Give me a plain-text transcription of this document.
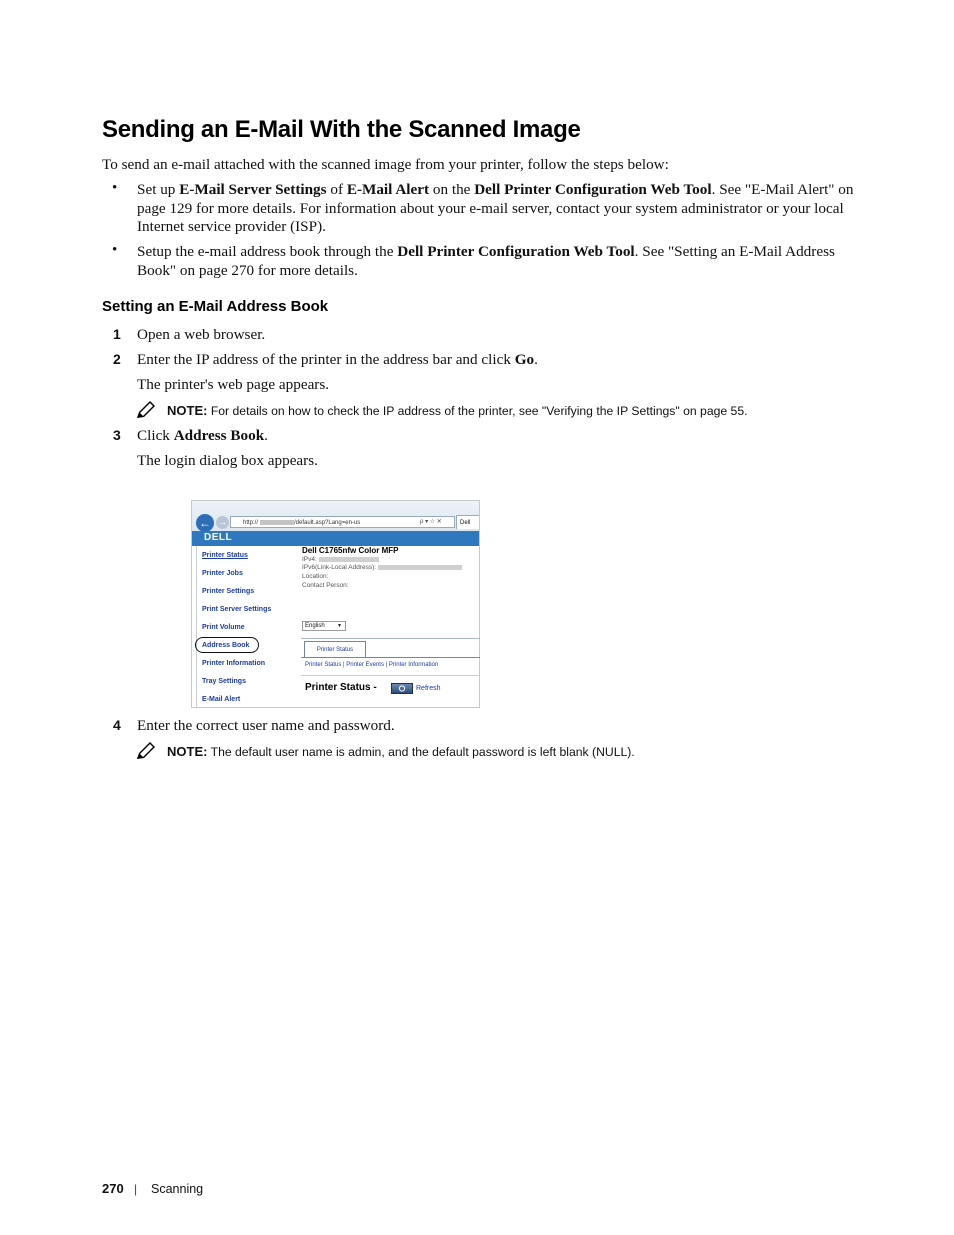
Sending an E-Mail With the Scanned Image

To send an e-mail attached with the scanned image from your printer, follow the steps below:

• Set up E-Mail Server Settings of E-Mail Alert on the Dell Printer Configuration Web Tool. See "E-Mail Alert" on

page 129 for more details. For information about your e-mail server, contact your system administrator or your local

Internet service provider (ISP).

• Setup the e-mail address book through the Dell Printer Configuration Web Tool. See "Setting an E-Mail Address

Book" on page 270 for more details.

Setting an E-Mail Address Book
1 Open a web browser.

2 Enter the IP address of the printer in the address bar and click Go.

The printer's web page appears.

NOTE: For details on how to check the IP address of the printer, see "Verifying the IP Settings" on page 55.

3 Click Address Book.

The login dialog box appears.

← →	http://	/default.asp?Lang=en-us	ρ ▾ ☆ ✕	Dell
DELL
Printer Status
Printer Jobs
Printer Settings
Print Server Settings
Print Volume
Address Book
Printer Information
Tray Settings
E-Mail Alert
Dell C1765nfw Color MFP
IPv4:
IPv6(Link-Local Address):
Location:
Contact Person:
English ▼
Printer Status
Printer Status | Printer Events | Printer Information
Printer Status -	Refresh
4 Enter the correct user name and password.

NOTE: The default user name is admin, and the default password is left blank (NULL).

270 | Scanning
